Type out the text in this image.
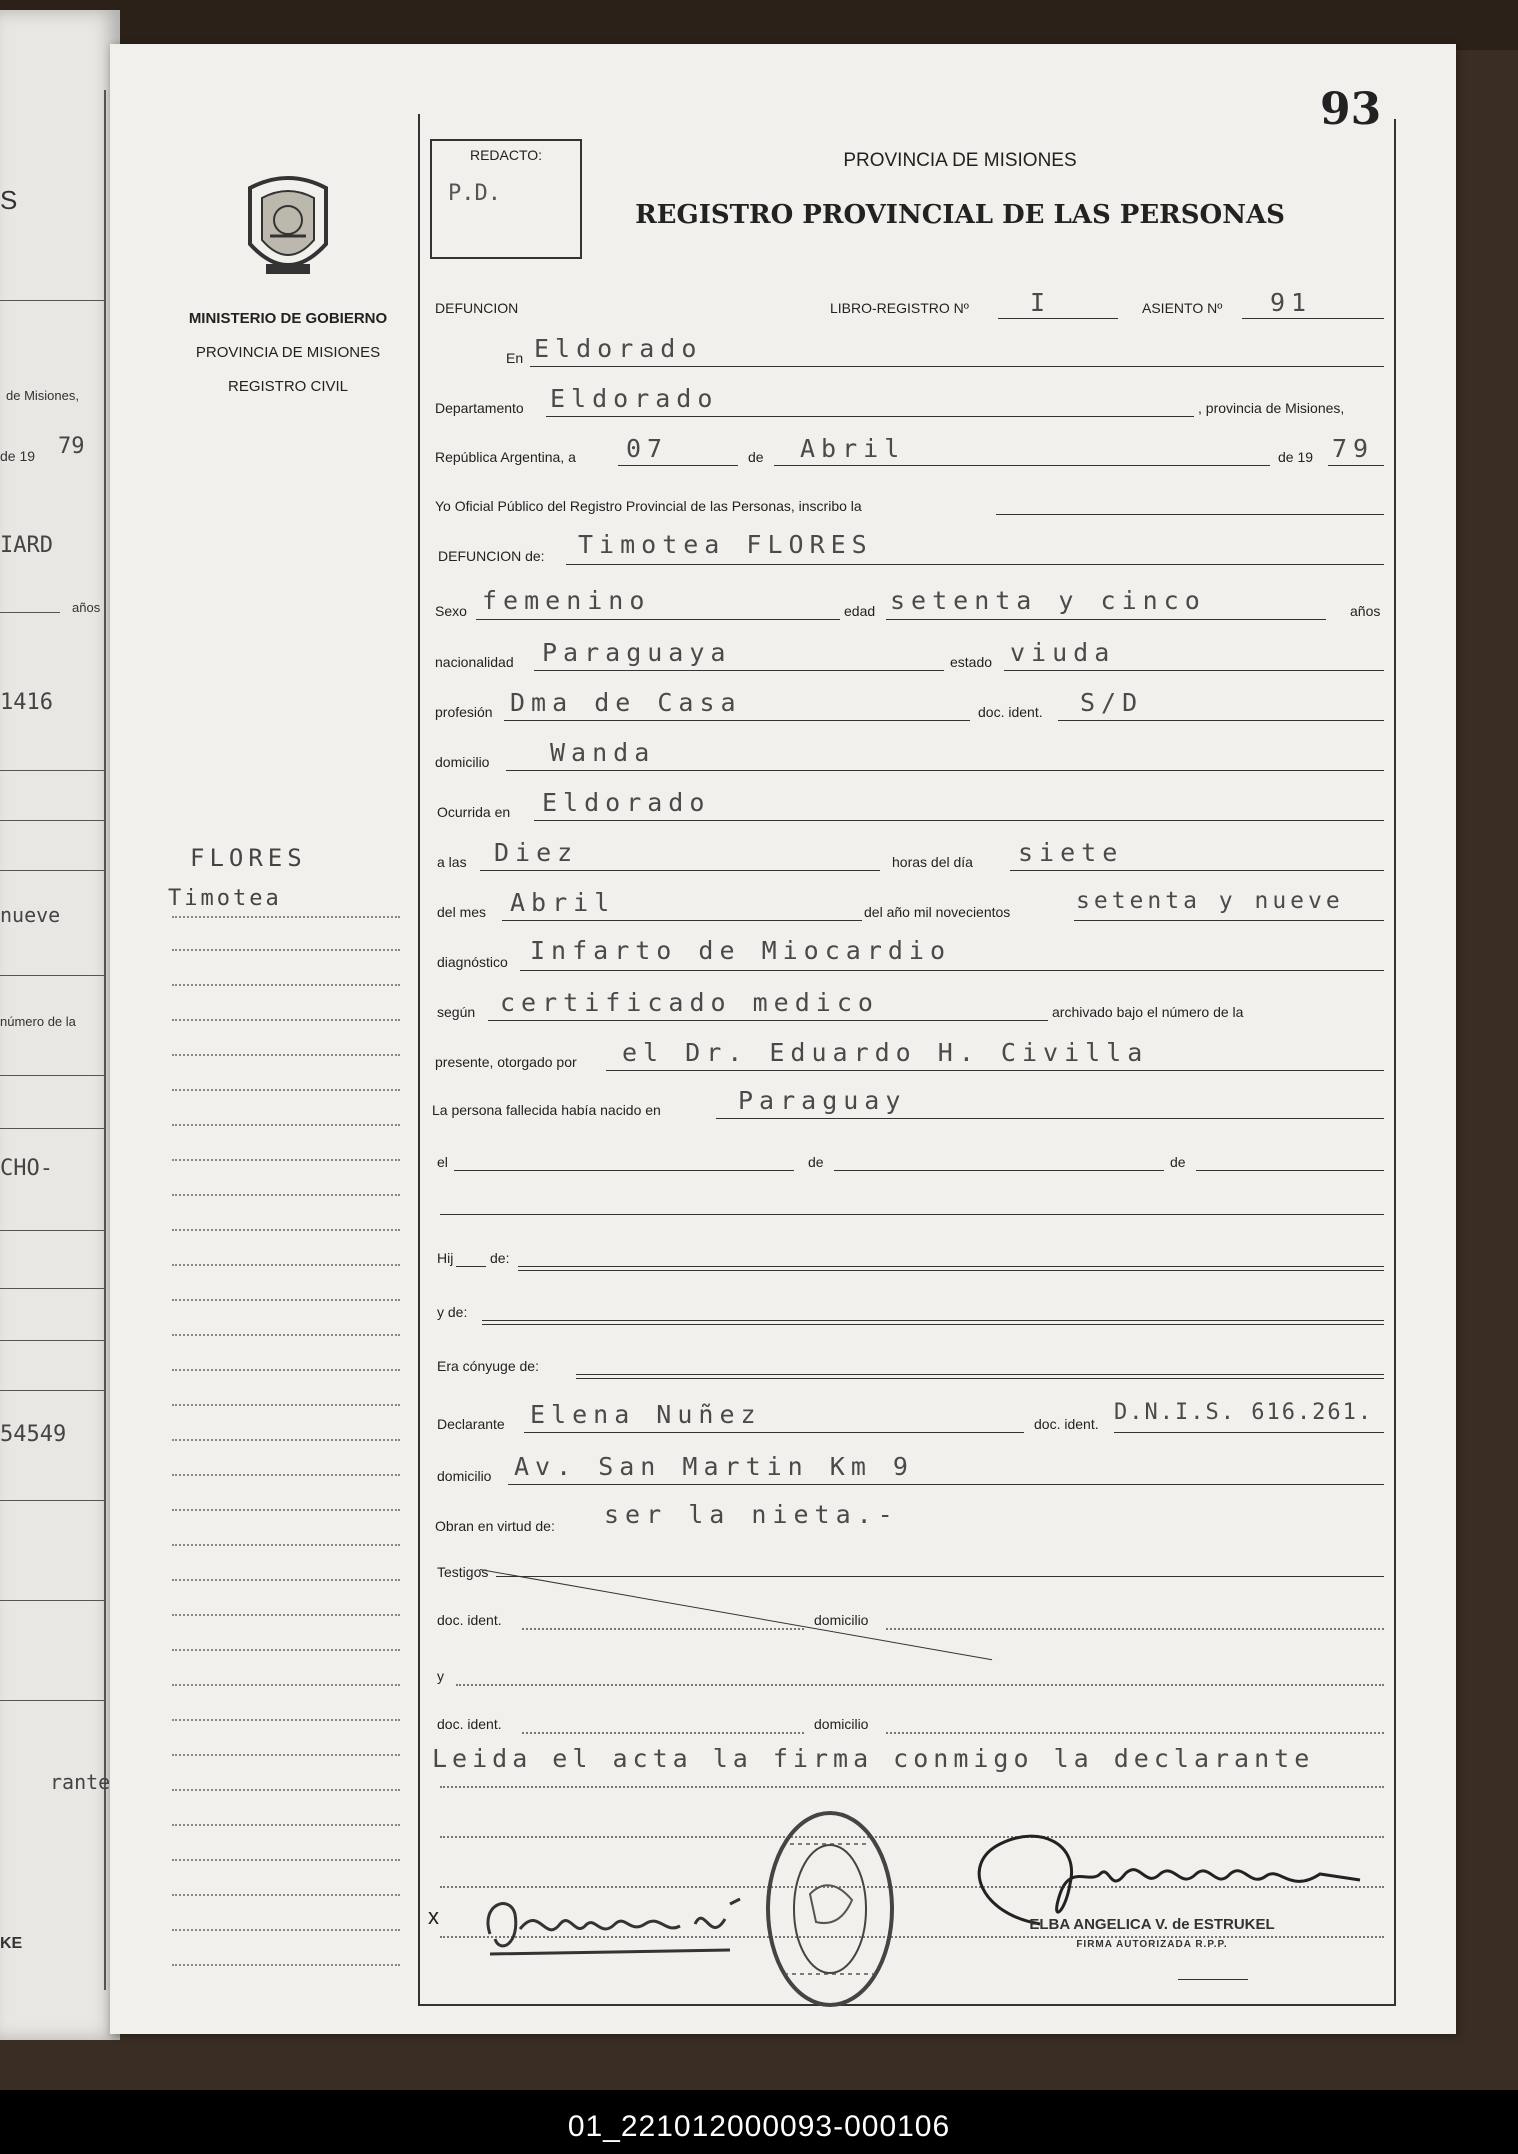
S
de Misiones,
de 19 79
IARD
años
1416
nueve
número de la
CHO-
54549
rante
KE
93
MINISTERIO DE GOBIERNO
PROVINCIA DE MISIONES
REGISTRO CIVIL
FLORES
Timotea
REDACTO:
P.D.
PROVINCIA DE MISIONES
REGISTRO PROVINCIAL DE LAS PERSONAS
DEFUNCION	LIBRO-REGISTRO Nº I	ASIENTO Nº 91
En Eldorado
Departamento Eldorado	, provincia de Misiones,
República Argentina, a 07	de Abril	de 19 79
Yo Oficial Público del Registro Provincial de las Personas, inscribo la
DEFUNCION de: Timotea FLORES
Sexo femenino	edad setenta y cinco	años
nacionalidad Paraguaya	estado viuda
profesión Dma de Casa	doc. ident. S/D
domicilio Wanda
Ocurrida en Eldorado
a las Diez	horas del día siete
del mes Abril	del año mil novecientos	setenta y nueve
diagnóstico Infarto de Miocardio
según certificado medico	archivado bajo el número de la
presente, otorgado por el Dr. Eduardo H. Civilla
La persona fallecida había nacido en	Paraguay
el	de	de
Hij	de:
y de:
Era cónyuge de:
Declarante Elena Nuñez	doc. ident. D.N.I.S. 616.261.
domicilio Av. San Martin Km 9
Obran en virtud de: ser la nieta.-
Testigos
doc. ident.	domicilio
y
doc. ident.	domicilio
Leida el acta la firma conmigo la declarante
x	ELBA ANGELICA V. de ESTRUKEL
FIRMA AUTORIZADA R.P.P.
01_221012000093-000106
